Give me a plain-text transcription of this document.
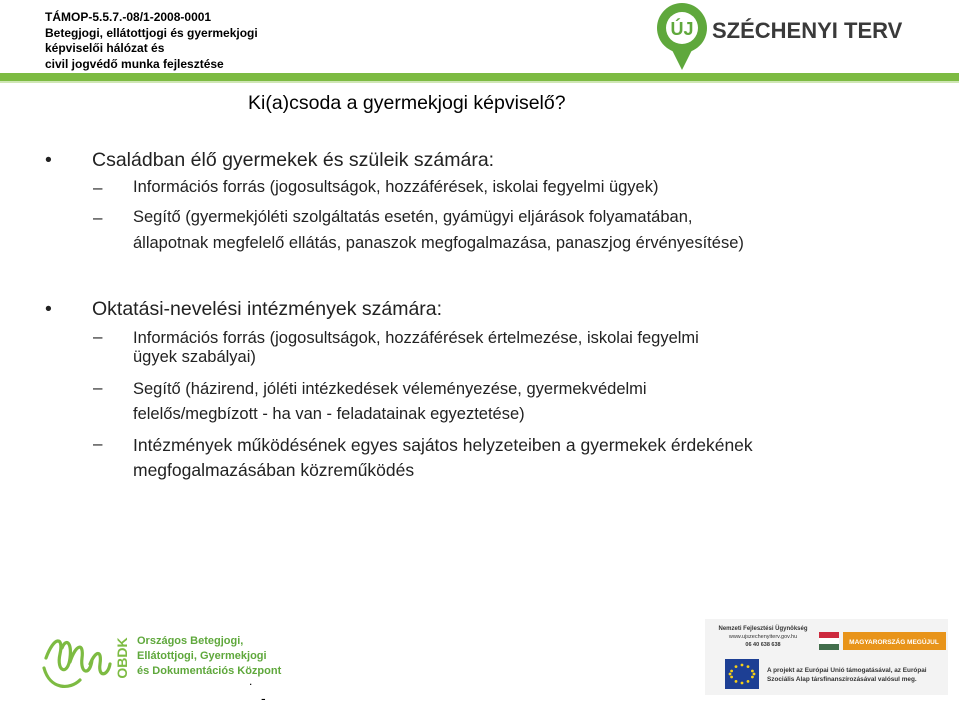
TÁMOP-5.5.7.-08/1-2008-0001
Betegjogi, ellátottjogi és gyermekjogi
képviselői hálózat és
civil jogvédő munka fejlesztése
ÚJ SZÉCHENYI TERV
Ki(a)csoda a gyermekjogi képviselő?
• Családban élő gyermekek és szüleik számára:
– Információs forrás (jogosultságok, hozzáférések, iskolai fegyelmi ügyek)
– Segítő (gyermekjóléti szolgáltatás esetén, gyámügyi eljárások folyamatában,
állapotnak megfelelő ellátás, panaszok megfogalmazása, panaszjog érvényesítése)
• Oktatási-nevelési intézmények számára:
– Információs forrás (jogosultságok, hozzáférések értelmezése, iskolai fegyelmi
ügyek szabályai)
– Segítő (házirend, jóléti intézkedések véleményezése, gyermekvédelmi
felelős/megbízott - ha van - feladatainak egyeztetése)
– Intézmények működésének egyes sajátos helyzeteiben a gyermekek érdekének
megfogalmazásában közreműködés
OBDK Országos Betegjogi,
Ellátottjogi, Gyermekjogi
és Dokumentációs Központ
.
-
Nemzeti Fejlesztési Ügynökség
www.ujszechenyiterv.gov.hu
06 40 638 638	MAGYARORSZÁG MEGÚJUL
A projekt az Európai Unió támogatásával, az Európai
Szociális Alap társfinanszírozásával valósul meg.
